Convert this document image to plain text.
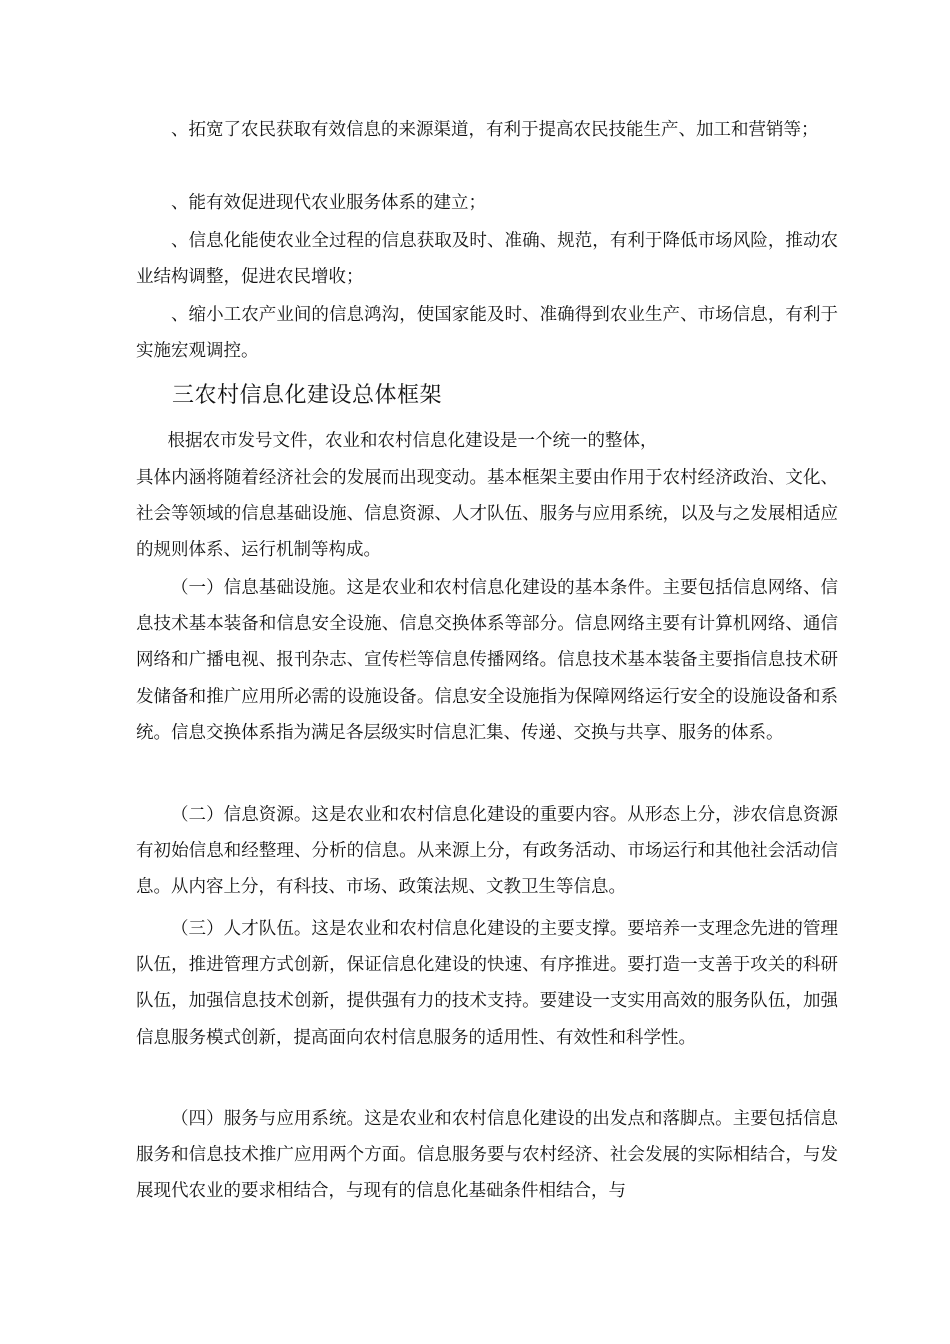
、拓宽了农民获取有效信息的来源渠道，有利于提高农民技能生产、加工和营销等；

、能有效促进现代农业服务体系的建立；

、信息化能使农业全过程的信息获取及时、准确、规范，有利于降低市场风险，推动农业结构调整，促进农民增收；

、缩小工农产业间的信息鸿沟，使国家能及时、准确得到农业生产、市场信息，有利于实施宏观调控。

三农村信息化建设总体框架

根据农市发号文件，农业和农村信息化建设是一个统一的整体，

具体内涵将随着经济社会的发展而出现变动。基本框架主要由作用于农村经济政治、文化、社会等领域的信息基础设施、信息资源、人才队伍、服务与应用系统，以及与之发展相适应的规则体系、运行机制等构成。

（一）信息基础设施。这是农业和农村信息化建设的基本条件。主要包括信息网络、信息技术基本装备和信息安全设施、信息交换体系等部分。信息网络主要有计算机网络、通信网络和广播电视、报刊杂志、宣传栏等信息传播网络。信息技术基本装备主要指信息技术研发储备和推广应用所必需的设施设备。信息安全设施指为保障网络运行安全的设施设备和系统。信息交换体系指为满足各层级实时信息汇集、传递、交换与共享、服务的体系。

（二）信息资源。这是农业和农村信息化建设的重要内容。从形态上分，涉农信息资源有初始信息和经整理、分析的信息。从来源上分，有政务活动、市场运行和其他社会活动信息。从内容上分，有科技、市场、政策法规、文教卫生等信息。

（三）人才队伍。这是农业和农村信息化建设的主要支撑。要培养一支理念先进的管理队伍，推进管理方式创新，保证信息化建设的快速、有序推进。要打造一支善于攻关的科研队伍，加强信息技术创新，提供强有力的技术支持。要建设一支实用高效的服务队伍，加强信息服务模式创新，提高面向农村信息服务的适用性、有效性和科学性。

（四）服务与应用系统。这是农业和农村信息化建设的出发点和落脚点。主要包括信息服务和信息技术推广应用两个方面。信息服务要与农村经济、社会发展的实际相结合，与发展现代农业的要求相结合，与现有的信息化基础条件相结合，与
